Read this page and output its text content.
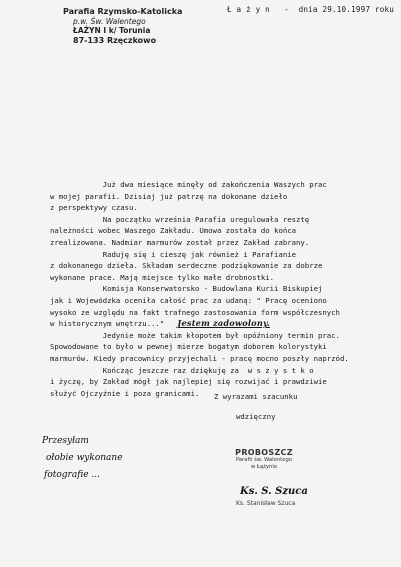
Parafia Rzymsko-Katolicka
p.w. Św. Walentego
ŁAŻYN I k/ Torunia
87-133 Rzęczkowo
Ł a ż y n   -  dnia 29.10.1997 roku
Już dwa miesiące minęły od zakończenia Waszych prac
w mojej parafii. Dzisiaj już patrzę na dokonane dzieło
z perspektywy czasu.
Na początku września Parafia uregulowała resztę
należności wobec Waszego Zakładu. Umowa została do końca
zrealizowana. Nadmiar marmurów został przez Zakład zabrany.
Raduję się i cieszę jak również i Parafianie
z dokonanego dzieła. Składam serdeczne podziękowanie za dobrze
wykonane prace. Mają miejsce tylko małe drobnostki.
Komisja Konserwatorsko - Budowlana Kurii Biskupiej
jak i Wojewódzka oceniła całość prac za udaną: " Pracę oceniono
wysoko ze względu na fakt trafnego zastosowania form współczesnych
w historycznym wnętrzu..."   Jestem zadowolony.
Jedynie może takim kłopotem był opóźniony termin prac.
Spowodowane to było w pewnej mierze bogatym doborem kolorystyki
marmurów. Kiedy pracownicy przyjechali - pracę mocno poszły naprzód.
Kończąc jeszcze raz dziękuję za  w s z y s t k o
i życzę, by Zakład mógł jak najlepiej się rozwijać i prawdziwie
służyć Ojczyźnie i poza granicami.	Z wyrazami szacunku
wdzięczny
Przesyłam
ołobie wykonane
fotografie ...
PROBOSZCZ
Parafii św. Walentego
w Łążynie
Ks. S. Szuca
Ks. Stanisław Szuca
